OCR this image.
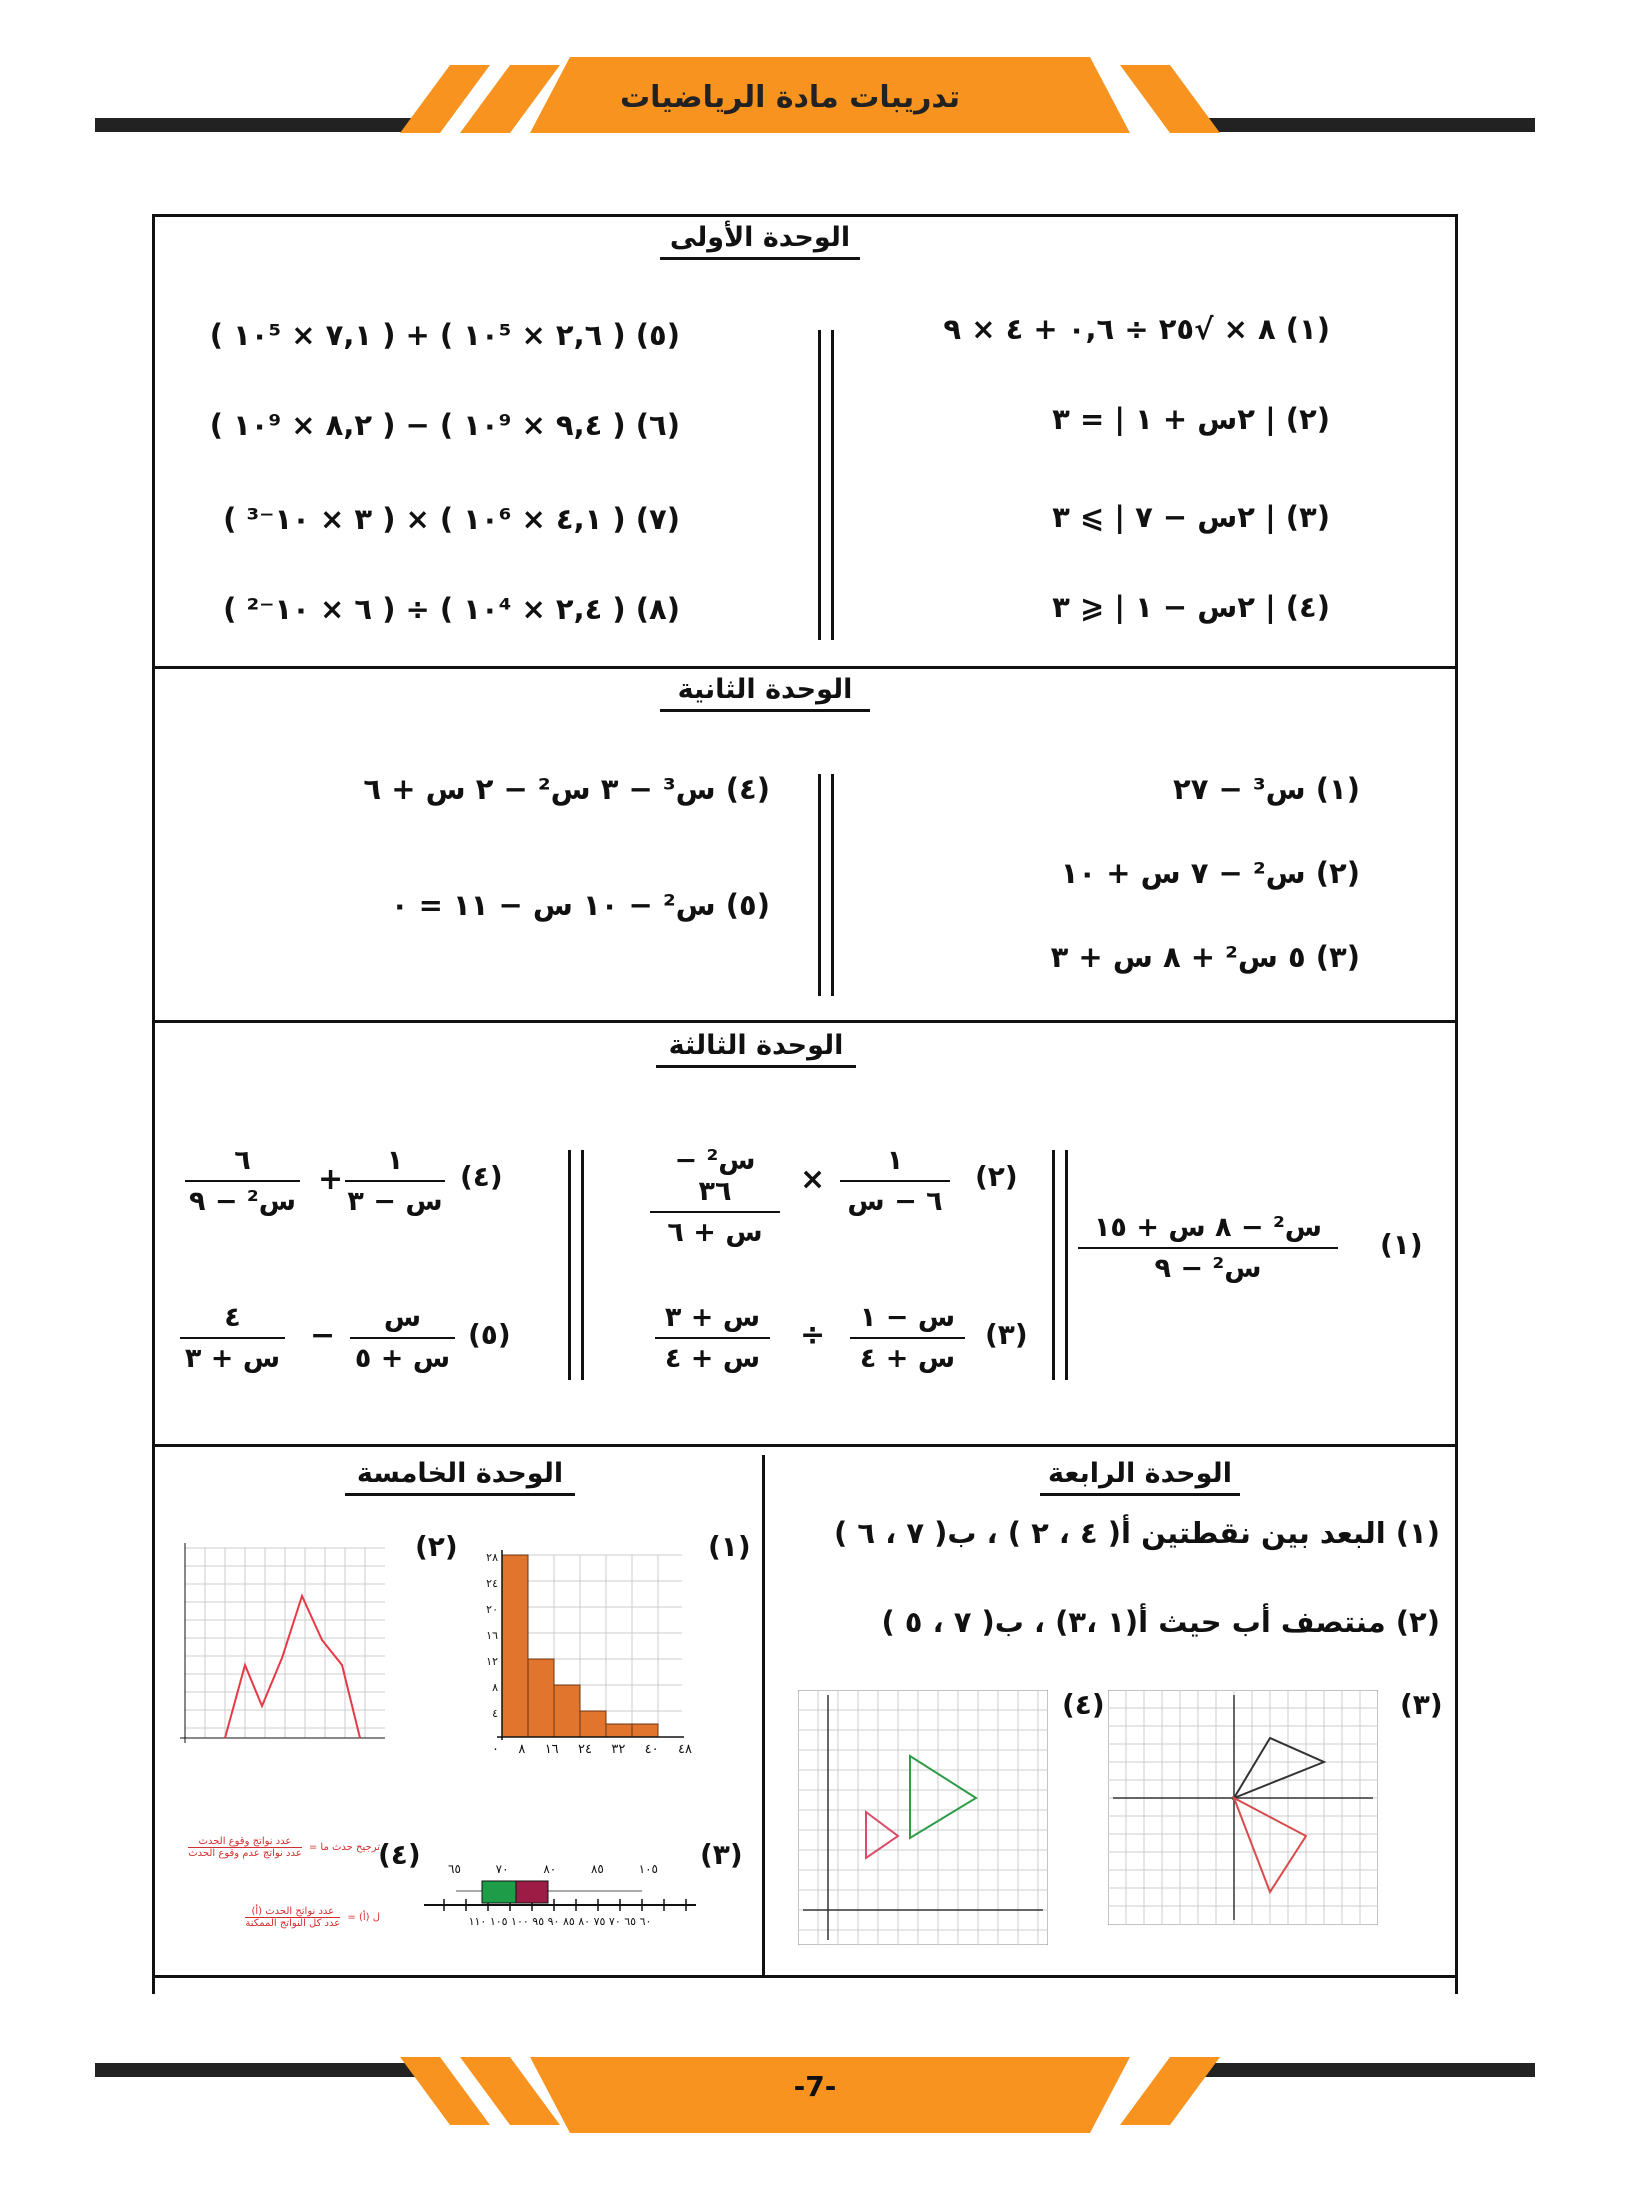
تدريبات مادة الرياضيات
الوحدة الأولى
(١) ٨ × √٢٥ ÷ ٠,٦ + ٤ × ٩
(٢) | ٢س + ١ | = ٣
(٣) | ٢س − ٧ | ⩾ ٣
(٤) | ٢س − ١ | ⩽ ٣
(٥) ( ٢,٦ × ١٠⁵ ) + ( ٧,١ × ١٠⁵ )
(٦) ( ٩,٤ × ١٠⁹ ) − ( ٨,٢ × ١٠⁹ )
(٧) ( ٤,١ × ١٠⁶ ) × ( ٣ × ١٠⁻³ )
(٨) ( ٢,٤ × ١٠⁴ ) ÷ ( ٦ × ١٠⁻² )
الوحدة الثانية
(١) س³ − ٢٧
(٢) س² − ٧ س + ١٠
(٣) ٥ س² + ٨ س + ٣
(٤) س³ − ٣ س² − ٢ س + ٦
(٥) س² − ١٠ س − ١١ = ٠
الوحدة الثالثة
(١)
س² − ٨ س + ١٥
س² − ٩
(٢)
١
٦ − س
×
س² − ٣٦
س + ٦
(٣)
س − ١
س + ٤
÷
س + ٣
س + ٤
(٤)
١
س − ٣
+
٦
س² − ٩
(٥)
س
س + ٥
−
٤
س + ٣
الوحدة الرابعة
(١) البعد بين نقطتين أ( ٤ ، ٢ ) ، ب( ٧ ، ٦ )
(٢) منتصف أب حيث أ(١ ،٣) ، ب( ٧ ، ٥ )
(٣)
(٤)
الوحدة الخامسة
(١)
(٢)
(٣)
(٤)
٢٨
٢٤
٢٠
١٦
١٢
٨
٤
٠ ٨ ١٦ ٢٤ ٣٢ ٤٠ ٤٨
٦٥	٧٠	٨٠	٨٥	١٠٥
٦٠ ٦٥ ٧٠ ٧٥ ٨٠ ٨٥ ٩٠ ٩٥ ١٠٠ ١٠٥ ١١٠
ترجيح حدث ما =
عدد نواتج وقوع الحدث
عدد نواتج عدم وقوع الحدث
ل (أ) =
عدد نواتج الحدث (أ)
عدد كل النواتج الممكنة
-7-
